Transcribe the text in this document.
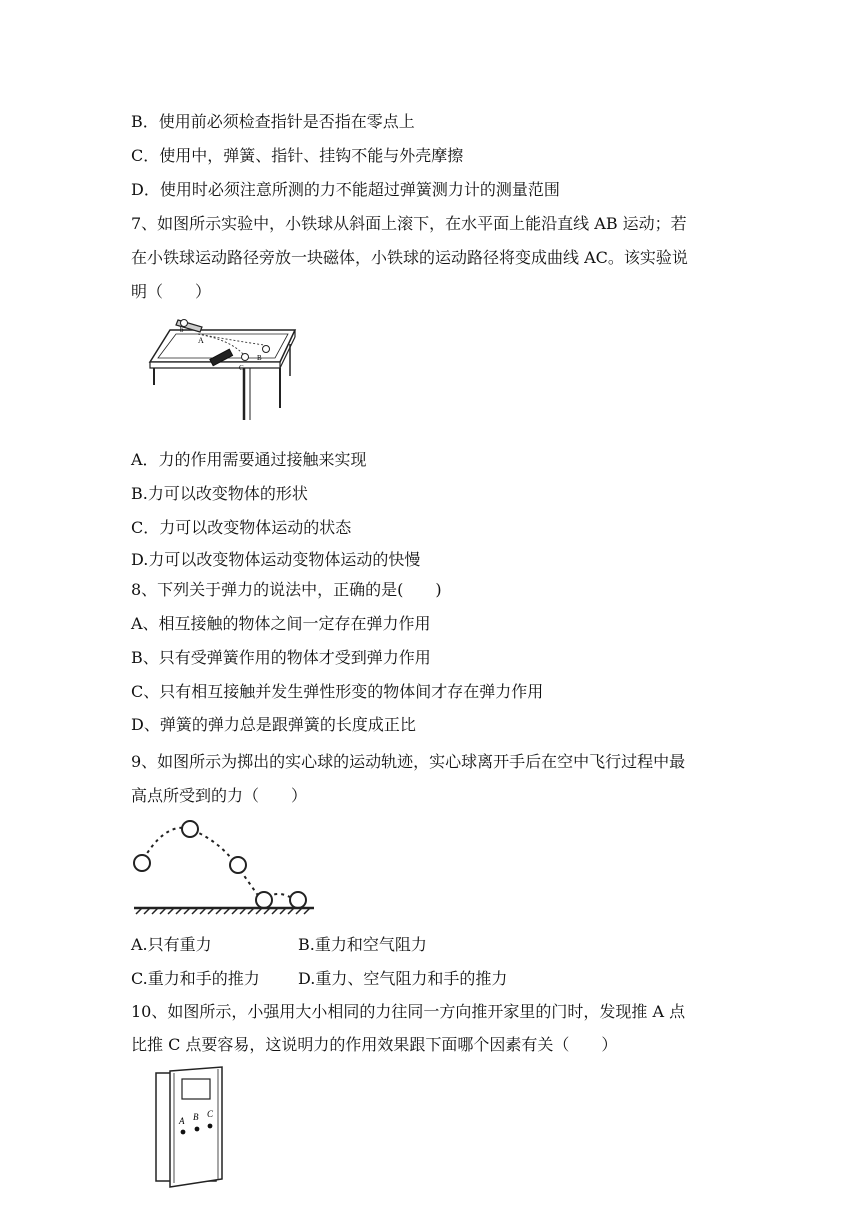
B．使用前必须检查指针是否指在零点上
C．使用中，弹簧、指针、挂钩不能与外壳摩擦
D．使用时必须注意所测的力不能超过弹簧测力计的测量范围
7、如图所示实验中，小铁球从斜面上滚下，在水平面上能沿直线 AB 运动；若
在小铁球运动路径旁放一块磁体，小铁球的运动路径将变成曲线 AC。该实验说
明（　　）
b
A
C
B
A．力的作用需要通过接触来实现
B.力可以改变物体的形状
C．力可以改变物体运动的状态
D.力可以改变物体运动变物体运动的快慢
8、下列关于弹力的说法中，正确的是(　　)
A、相互接触的物体之间一定存在弹力作用
B、只有受弹簧作用的物体才受到弹力作用
C、只有相互接触并发生弹性形变的物体间才存在弹力作用
D、弹簧的弹力总是跟弹簧的长度成正比
9、如图所示为掷出的实心球的运动轨迹，实心球离开手后在空中飞行过程中最
高点所受到的力（　　）
A.只有重力	B.重力和空气阻力
C.重力和手的推力 D.重力、空气阻力和手的推力
10、如图所示，小强用大小相同的力往同一方向推开家里的门时，发现推 A 点
比推 C 点要容易，这说明力的作用效果跟下面哪个因素有关（　　）
A B C
